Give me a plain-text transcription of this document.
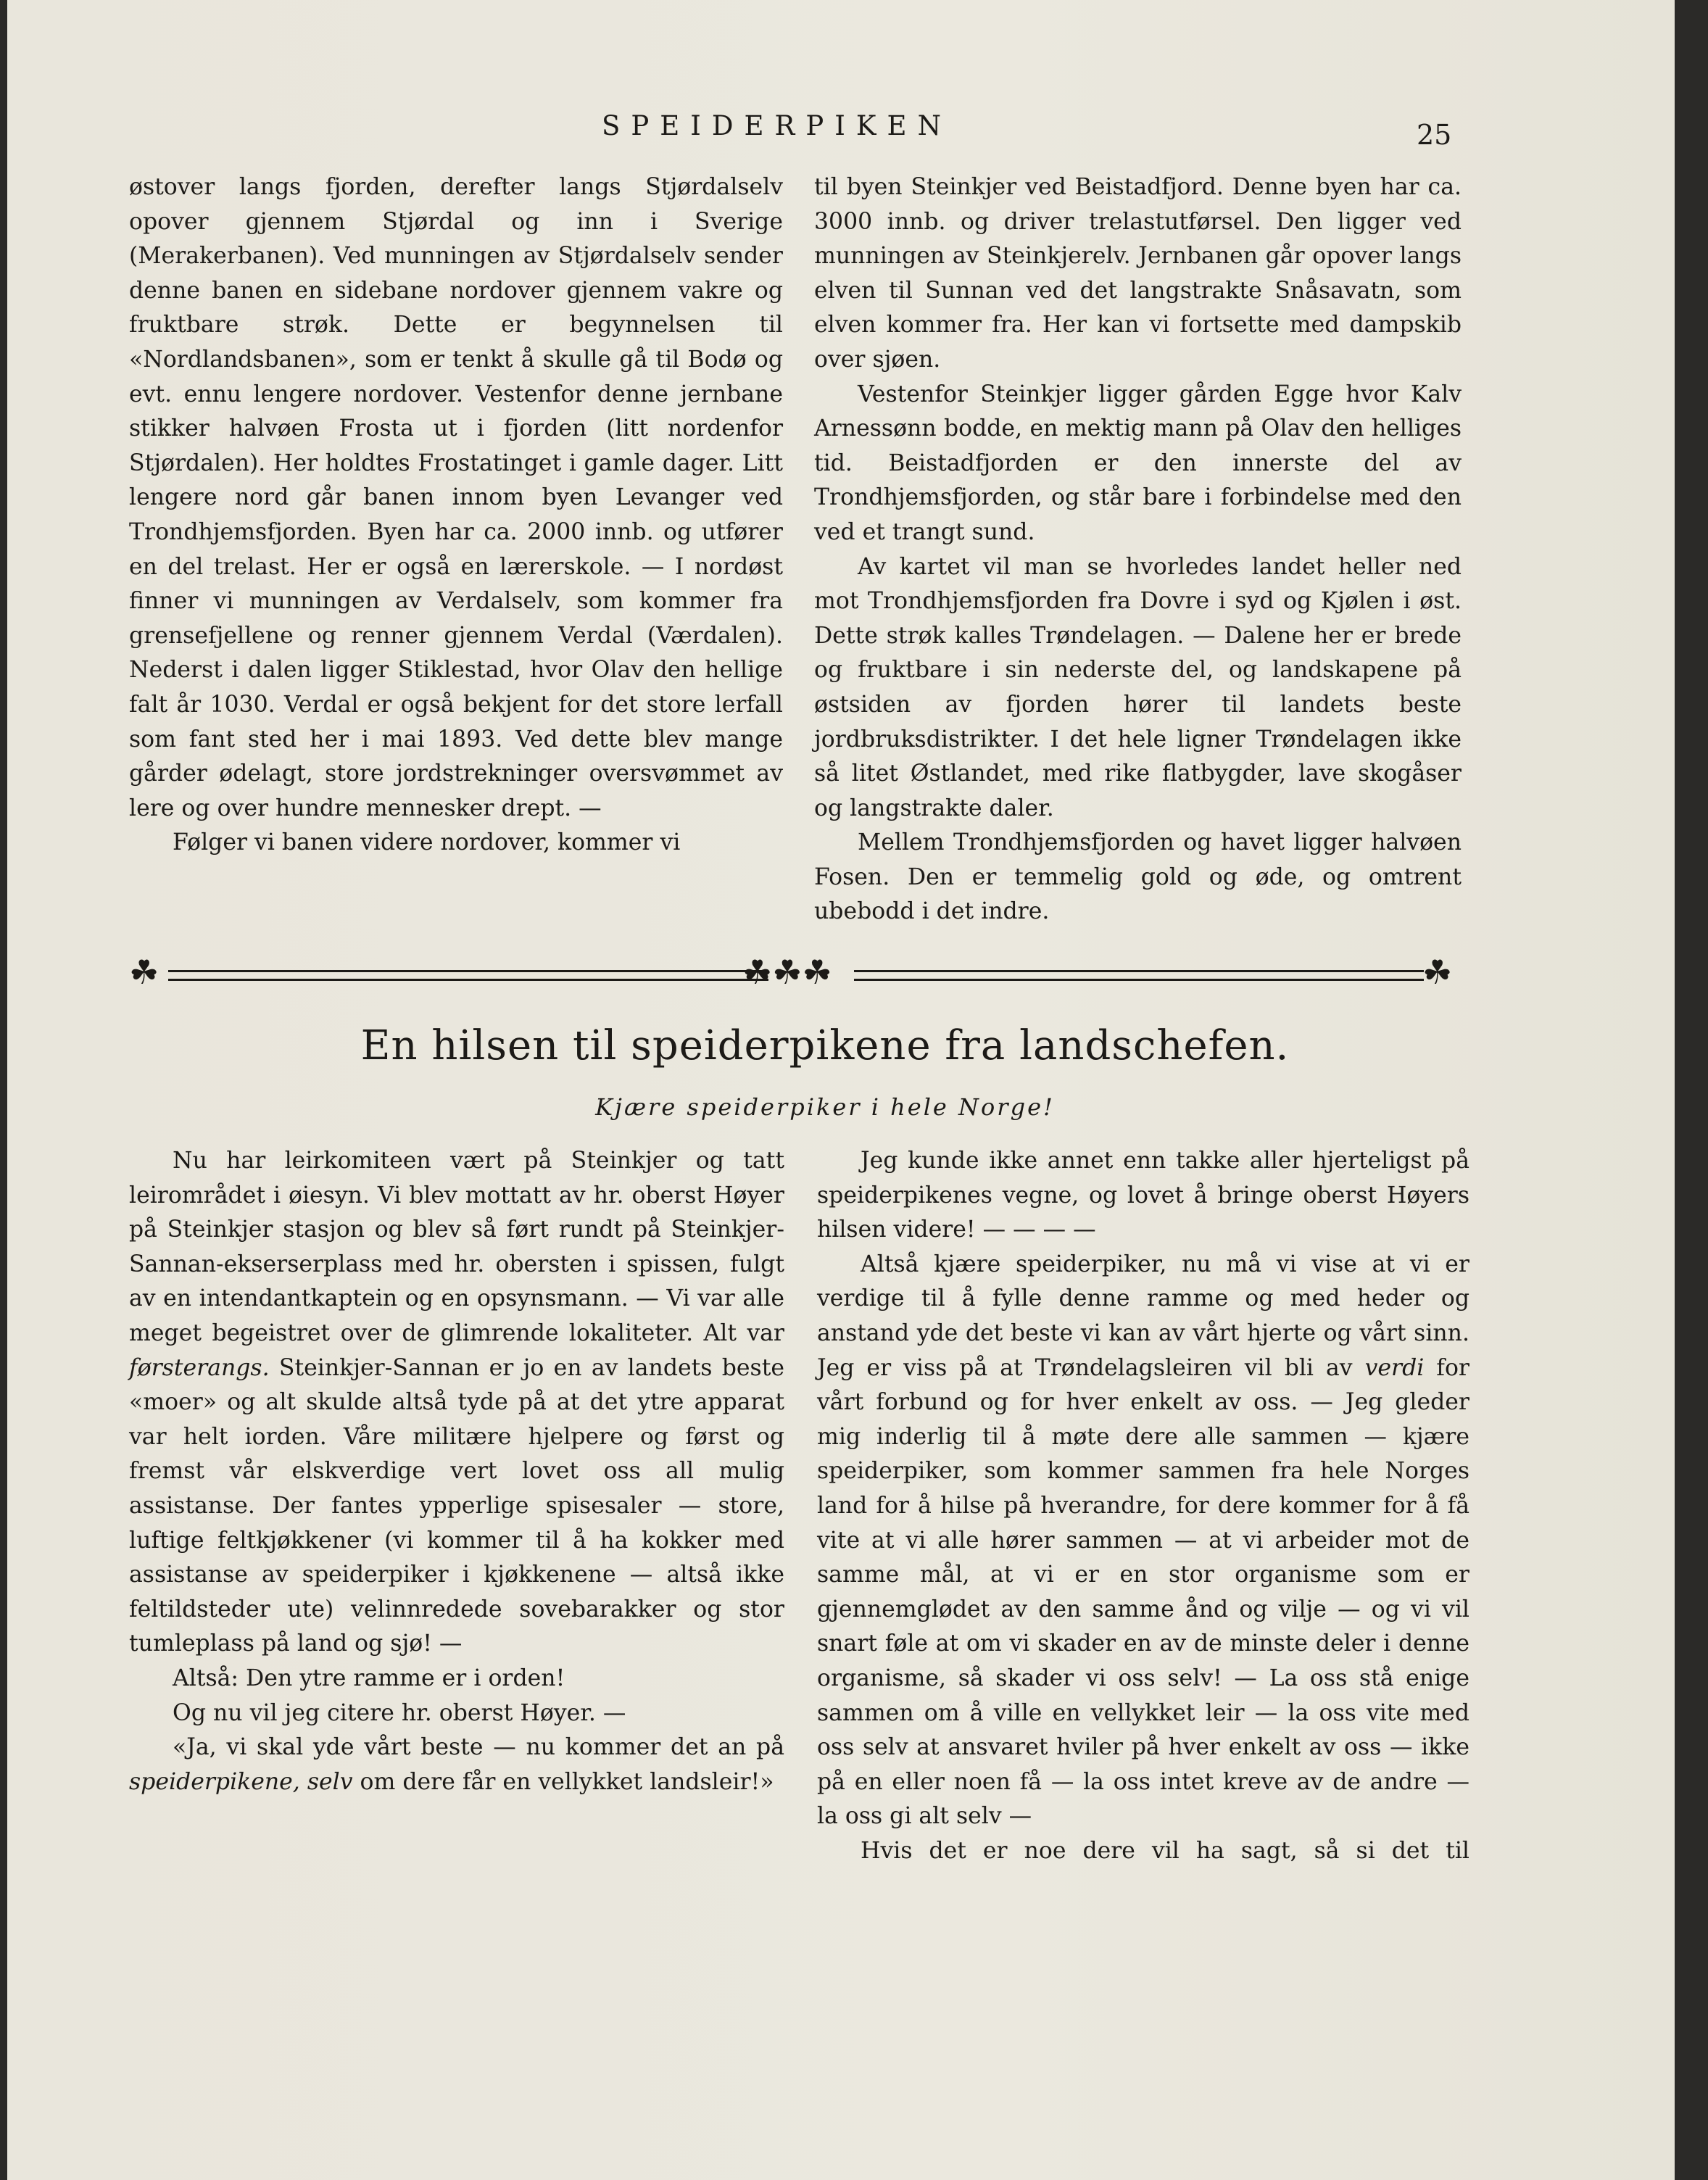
SPEIDERPIKEN	25

østover langs fjorden, derefter langs Stjørdalselv opover gjennem Stjørdal og inn i Sverige (Merakerbanen). Ved munningen av Stjørdalselv sender denne banen en sidebane nordover gjennem vakre og fruktbare strøk. Dette er begynnelsen til «Nordlandsbanen», som er tenkt å skulle gå til Bodø og evt. ennu lengere nordover. Vestenfor denne jernbane stikker halvøen Frosta ut i fjorden (litt nordenfor Stjørdalen). Her holdtes Frostatinget i gamle dager. Litt lengere nord går banen innom byen Levanger ved Trondhjemsfjorden. Byen har ca. 2000 innb. og utfører en del trelast. Her er også en lærerskole. — I nordøst finner vi munningen av Verdalselv, som kommer fra grensefjellene og renner gjennem Verdal (Værdalen). Nederst i dalen ligger Stiklestad, hvor Olav den hellige falt år 1030. Verdal er også bekjent for det store lerfall som fant sted her i mai 1893. Ved dette blev mange gårder ødelagt, store jordstrekninger oversvømmet av lere og over hundre mennesker drept. —

Følger vi banen videre nordover, kommer vi

til byen Steinkjer ved Beistadfjord. Denne byen har ca. 3000 innb. og driver trelastutførsel. Den ligger ved munningen av Steinkjerelv. Jernbanen går opover langs elven til Sunnan ved det langstrakte Snåsavatn, som elven kommer fra. Her kan vi fortsette med dampskib over sjøen.

Vestenfor Steinkjer ligger gården Egge hvor Kalv Arnessønn bodde, en mektig mann på Olav den helliges tid. Beistadfjorden er den innerste del av Trondhjemsfjorden, og står bare i forbindelse med den ved et trangt sund.

Av kartet vil man se hvorledes landet heller ned mot Trondhjemsfjorden fra Dovre i syd og Kjølen i øst. Dette strøk kalles Trøndelagen. — Dalene her er brede og fruktbare i sin nederste del, og landskapene på østsiden av fjorden hører til landets beste jordbruksdistrikter. I det hele ligner Trøndelagen ikke så litet Østlandet, med rike flatbygder, lave skogåser og langstrakte daler.

Mellem Trondhjemsfjorden og havet ligger halvøen Fosen. Den er temmelig gold og øde, og omtrent ubebodd i det indre.

☘	☘☘☘	☘
En hilsen til speiderpikene fra landschefen.
Kjære speiderpiker i hele Norge!

Nu har leirkomiteen vært på Steinkjer og tatt leirområdet i øiesyn. Vi blev mottatt av hr. oberst Høyer på Steinkjer stasjon og blev så ført rundt på Steinkjer-Sannan-ekserserplass med hr. obersten i spissen, fulgt av en intendantkaptein og en opsynsmann. — Vi var alle meget begeistret over de glimrende lokaliteter. Alt var førsterangs. Steinkjer-Sannan er jo en av landets beste «moer» og alt skulde altså tyde på at det ytre apparat var helt iorden. Våre militære hjelpere og først og fremst vår elskverdige vert lovet oss all mulig assistanse. Der fantes ypperlige spisesaler — store, luftige feltkjøkkener (vi kommer til å ha kokker med assistanse av speiderpiker i kjøkkenene — altså ikke feltildsteder ute) velinnredede sovebarakker og stor tumleplass på land og sjø! —

Altså: Den ytre ramme er i orden!

Og nu vil jeg citere hr. oberst Høyer. —

«Ja, vi skal yde vårt beste — nu kommer det an på speiderpikene, selv om dere får en vellykket landsleir!»

Jeg kunde ikke annet enn takke aller hjerteligst på speiderpikenes vegne, og lovet å bringe oberst Høyers hilsen videre! — — — —

Altså kjære speiderpiker, nu må vi vise at vi er verdige til å fylle denne ramme og med heder og anstand yde det beste vi kan av vårt hjerte og vårt sinn. Jeg er viss på at Trøndelagsleiren vil bli av verdi for vårt forbund og for hver enkelt av oss. — Jeg gleder mig inderlig til å møte dere alle sammen — kjære speiderpiker, som kommer sammen fra hele Norges land for å hilse på hverandre, for dere kommer for å få vite at vi alle hører sammen — at vi arbeider mot de samme mål, at vi er en stor organisme som er gjennemglødet av den samme ånd og vilje — og vi vil snart føle at om vi skader en av de minste deler i denne organisme, så skader vi oss selv! — La oss stå enige sammen om å ville en vellykket leir — la oss vite med oss selv at ansvaret hviler på hver enkelt av oss — ikke på en eller noen få — la oss intet kreve av de andre — la oss gi alt selv —

Hvis det er noe dere vil ha sagt, så si det til
